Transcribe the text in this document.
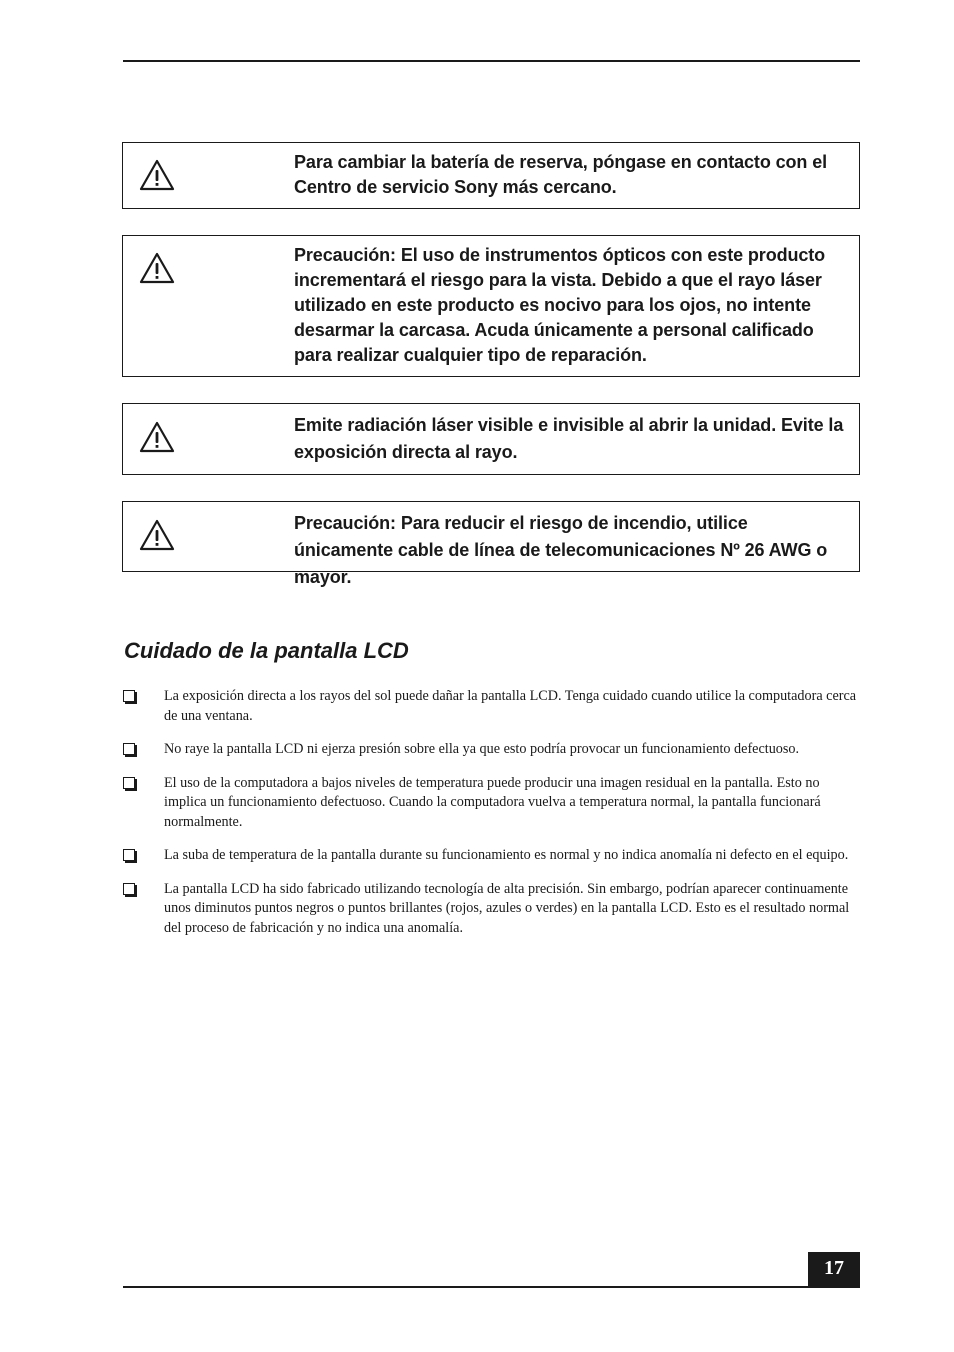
Para cambiar la batería de reserva, póngase en contacto con el Centro de servicio Sony más cercano.
Precaución: El uso de instrumentos ópticos con este producto incrementará el riesgo para la vista. Debido a que el rayo láser utilizado en este producto es nocivo para los ojos, no intente desarmar la carcasa. Acuda únicamente a personal calificado para realizar cualquier tipo de reparación.
Emite radiación láser visible e invisible al abrir la unidad. Evite la exposición directa al rayo.
Precaución: Para reducir el riesgo de incendio, utilice únicamente cable de línea de telecomunicaciones Nº 26 AWG o mayor.
Cuidado de la pantalla LCD
La exposición directa a los rayos del sol puede dañar la pantalla LCD. Tenga cuidado cuando utilice la computadora cerca de una ventana.
No raye la pantalla LCD ni ejerza presión sobre ella ya que esto podría provocar un funcionamiento defectuoso.
El uso de la computadora a bajos niveles de temperatura puede producir una imagen residual en la pantalla. Esto no implica un funcionamiento defectuoso. Cuando la computadora vuelva a temperatura normal, la pantalla funcionará normalmente.
La suba de temperatura de la pantalla durante su funcionamiento es normal y no indica anomalía ni defecto en el equipo.
La pantalla LCD ha sido fabricado utilizando tecnología de alta precisión. Sin embargo, podrían aparecer continuamente unos diminutos puntos negros o puntos brillantes (rojos, azules o verdes) en la pantalla LCD. Esto es el resultado normal del proceso de fabricación y no indica una anomalía.
17
